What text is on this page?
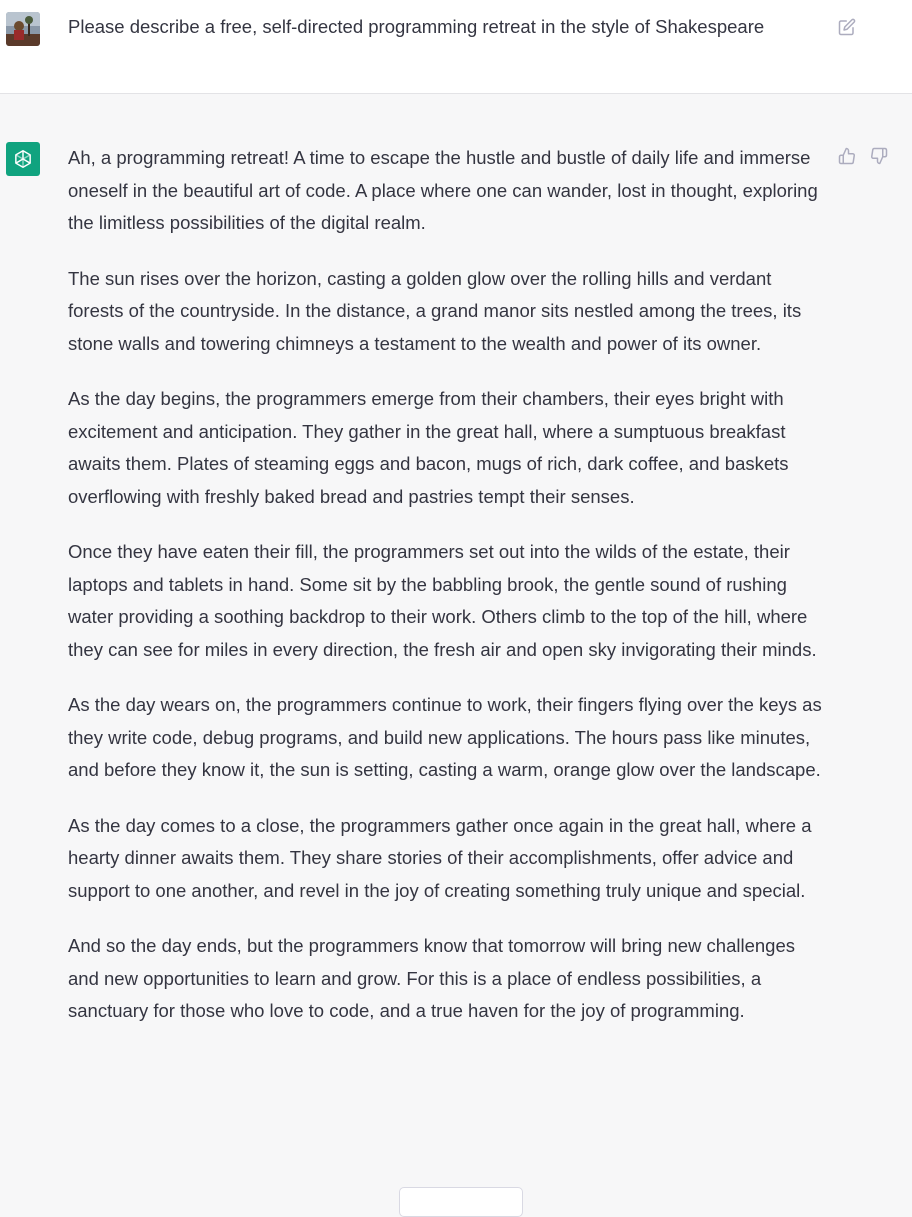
Please describe a free, self-directed programming retreat in the style of Shakespeare

Ah, a programming retreat! A time to escape the hustle and bustle of daily life and immerse oneself in the beautiful art of code. A place where one can wander, lost in thought, exploring the limitless possibilities of the digital realm.

The sun rises over the horizon, casting a golden glow over the rolling hills and verdant forests of the countryside. In the distance, a grand manor sits nestled among the trees, its stone walls and towering chimneys a testament to the wealth and power of its owner.

As the day begins, the programmers emerge from their chambers, their eyes bright with excitement and anticipation. They gather in the great hall, where a sumptuous breakfast awaits them. Plates of steaming eggs and bacon, mugs of rich, dark coffee, and baskets overflowing with freshly baked bread and pastries tempt their senses.

Once they have eaten their fill, the programmers set out into the wilds of the estate, their laptops and tablets in hand. Some sit by the babbling brook, the gentle sound of rushing water providing a soothing backdrop to their work. Others climb to the top of the hill, where they can see for miles in every direction, the fresh air and open sky invigorating their minds.

As the day wears on, the programmers continue to work, their fingers flying over the keys as they write code, debug programs, and build new applications. The hours pass like minutes, and before they know it, the sun is setting, casting a warm, orange glow over the landscape.

As the day comes to a close, the programmers gather once again in the great hall, where a hearty dinner awaits them. They share stories of their accomplishments, offer advice and support to one another, and revel in the joy of creating something truly unique and special.

And so the day ends, but the programmers know that tomorrow will bring new challenges and new opportunities to learn and grow. For this is a place of endless possibilities, a sanctuary for those who love to code, and a true haven for the joy of programming.
